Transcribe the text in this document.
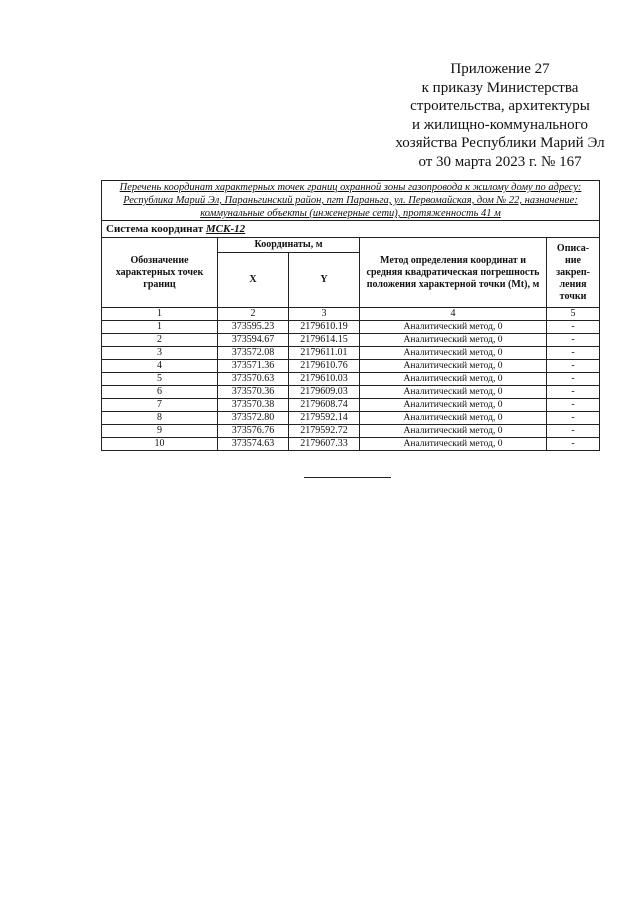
Приложение 27
к приказу Министерства
строительства, архитектуры
и жилищно-коммунального
хозяйства Республики Марий Эл
от 30 марта 2023 г. № 167
Перечень координат характерных точек границ охранной зоны газопровода к жилому дому по адресу: Республика Марий Эл, Параньгинский район, пгт Параньга, ул. Первомайская, дом № 22, назначение: коммунальные объекты (инженерные сети), протяженность 41 м				
Система координат МСК-12				
Обозначение характерных точек границ	Координаты, м		Метод определения координат и средняя квадратическая погрешность положения характерной точки (Mt), м	Описа-ние закреп-ления точки
	X	Y		
1	2	3	4	5
1	373595.23	2179610.19	Аналитический метод, 0	-
2	373594.67	2179614.15	Аналитический метод, 0	-
3	373572.08	2179611.01	Аналитический метод, 0	-
4	373571.36	2179610.76	Аналитический метод, 0	-
5	373570.63	2179610.03	Аналитический метод, 0	-
6	373570.36	2179609.03	Аналитический метод, 0	-
7	373570.38	2179608.74	Аналитический метод, 0	-
8	373572.80	2179592.14	Аналитический метод, 0	-
9	373576.76	2179592.72	Аналитический метод, 0	-
10	373574.63	2179607.33	Аналитический метод, 0	-
